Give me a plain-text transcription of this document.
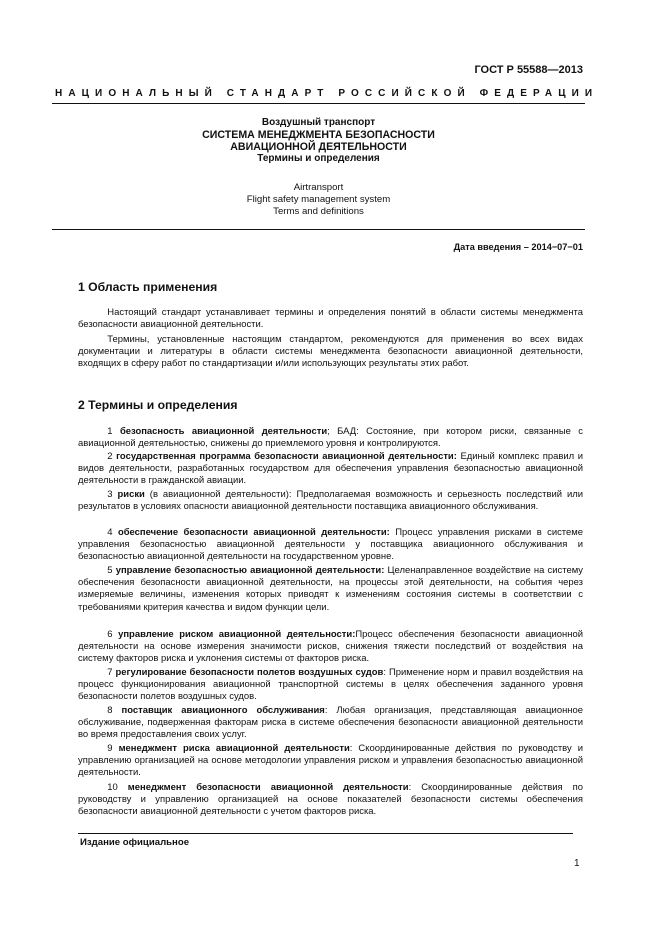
ГОСТ Р 55588—2013
НАЦИОНАЛЬНЫЙ СТАНДАРТ РОССИЙСКОЙ ФЕДЕРАЦИИ
Воздушный транспорт
СИСТЕМА МЕНЕДЖМЕНТА БЕЗОПАСНОСТИ
АВИАЦИОННОЙ ДЕЯТЕЛЬНОСТИ
Термины и определения
Airtransport
Flight safety management system
Terms and definitions
Дата введения – 2014−07−01
1 Область применения

Настоящий стандарт устанавливает термины и определения понятий в области системы менеджмента безопасности авиационной деятельности.

Термины, установленные настоящим стандартом, рекомендуются для применения во всех видах документации и литературы в области системы менеджмента безопасности авиационной деятельности, входящих в сферу работ по стандартизации и/или использующих результаты этих работ.

2 Термины и определения

1 безопасность авиационной деятельности; БАД: Состояние, при котором риски, связанные с авиационной деятельностью, снижены до приемлемого уровня и контролируются.

2 государственная программа безопасности авиационной деятельности: Единый комплекс правил и видов деятельности, разработанных государством для обеспечения управления безопасностью авиационной деятельности в гражданской авиации.

3 риски (в авиационной деятельности): Предполагаемая возможность и серьезность последствий или результатов в условиях опасности авиационной деятельности поставщика авиационного обслуживания.

4 обеспечение безопасности авиационной деятельности: Процесс управления рисками в системе управления безопасностью авиационной деятельности у поставщика авиационного обслуживания и безопасностью авиационной деятельности на государственном уровне.

5 управление безопасностью авиационной деятельности: Целенаправленное воздействие на систему обеспечения безопасности авиационной деятельности, на процессы этой деятельности, на события через измеряемые величины, изменения которых приводят к изменениям состояния системы в соответствии с требованиями критерия качества и видом функции цели.

6 управление риском авиационной деятельности:Процесс обеспечения безопасности авиационной деятельности на основе измерения значимости рисков, снижения тяжести последствий от воздействия на систему факторов риска и уклонения системы от факторов риска.

7 регулирование безопасности полетов воздушных судов: Применение норм и правил воздействия на процесс функционирования авиационной транспортной системы в целях обеспечения заданного уровня безопасности полетов воздушных судов.

8 поставщик авиационного обслуживания: Любая организация, представляющая авиационное обслуживание, подверженная факторам риска в системе обеспечения безопасности авиационной деятельности во время предоставления своих услуг.

9 менеджмент риска авиационной деятельности: Скоординированные действия по руководству и управлению организацией на основе методологии управления риском и управления безопасностью авиационной деятельности.

10 менеджмент безопасности авиационной деятельности: Скоординированные действия по руководству и управлению организацией на основе показателей безопасности системы обеспечения безопасности авиационной деятельности с учетом факторов риска.

Издание официальное
1
